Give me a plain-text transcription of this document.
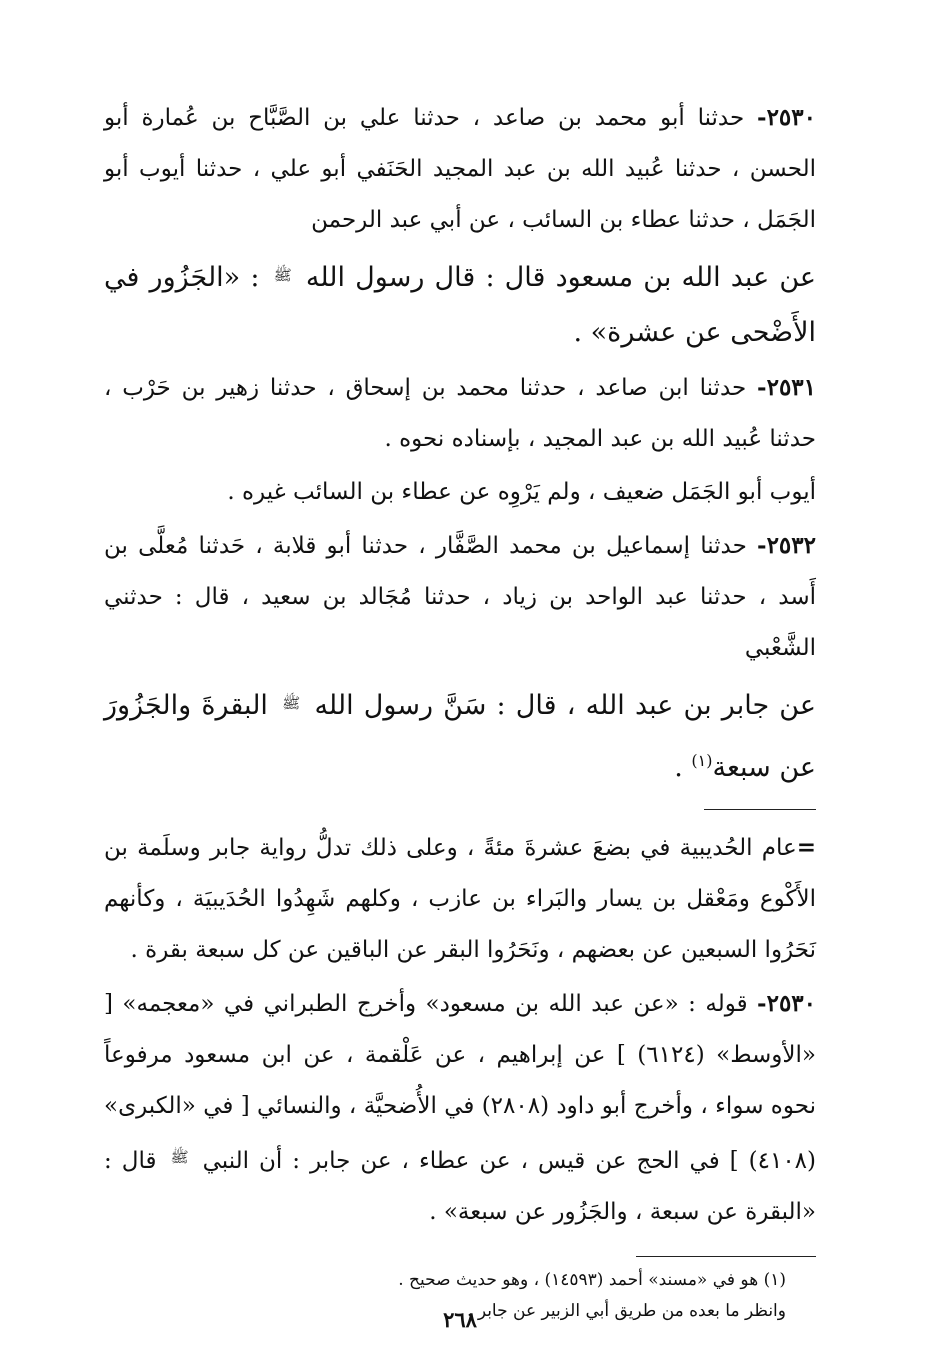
٢٥٣٠- حدثنا أبو محمد بن صاعد ، حدثنا علي بن الصَّبَّاح بن عُمارة أبو الحسن ، حدثنا عُبيد الله بن عبد المجيد الحَنَفي أبو علي ، حدثنا أيوب أبو الجَمَل ، حدثنا عطاء بن السائب ، عن أبي عبد الرحمن

عن عبد الله بن مسعود قال : قال رسول الله $^ﷺ$ : «الجَزُور في الأَضْحى عن عشرة» .

٢٥٣١- حدثنا ابن صاعد ، حدثنا محمد بن إسحاق ، حدثنا زهير بن حَرْب ، حدثنا عُبيد الله بن عبد المجيد ، بإسناده نحوه .

أيوب أبو الجَمَل ضعيف ، ولم يَرْوِه عن عطاء بن السائب غيره .

٢٥٣٢- حدثنا إسماعيل بن محمد الصَّفَّار ، حدثنا أبو قلابة ، حَدثنا مُعلَّى بن أَسد ، حدثنا عبد الواحد بن زياد ، حدثنا مُجَالد بن سعيد ، قال : حدثني الشَّعْبي

عن جابر بن عبد الله ، قال : سَنَّ رسول الله $^ﷺ$ البقرةَ والجَزُورَ عن سبعة$^{(١)}$ .

=عام الحُديبية في بضعَ عشرةَ مئةً ، وعلى ذلك تدلُّ رواية جابر وسلَمة بن الأَكْوع ومَعْقل بن يسار والبَراء بن عازب ، وكلهم شَهِدُوا الحُدَيبيَة ، وكأنهم نَحَرُوا السبعين عن بعضهم ، ونَحَرُوا البقر عن الباقين عن كل سبعة بقرة .

٢٥٣٠- قوله : «عن عبد الله بن مسعود» وأخرج الطبراني في «معجمه» [ «الأوسط» (٦١٢٤) ] عن إبراهيم ، عن عَلْقمة ، عن ابن مسعود مرفوعاً نحوه سواء ، وأخرج أبو داود (٢٨٠٨) في الأُضحيَّة ، والنسائي [ في «الكبرى» (٤١٠٨) ] في الحج عن قيس ، عن عطاء ، عن جابر : أن النبي $^ﷺ$ قال : «البقرة عن سبعة ، والجَزُور عن سبعة» .

(١) هو في «مسند» أحمد (١٤٥٩٣) ، وهو حديث صحيح .

وانظر ما بعده من طريق أبي الزبير عن جابر .

٢٦٨
